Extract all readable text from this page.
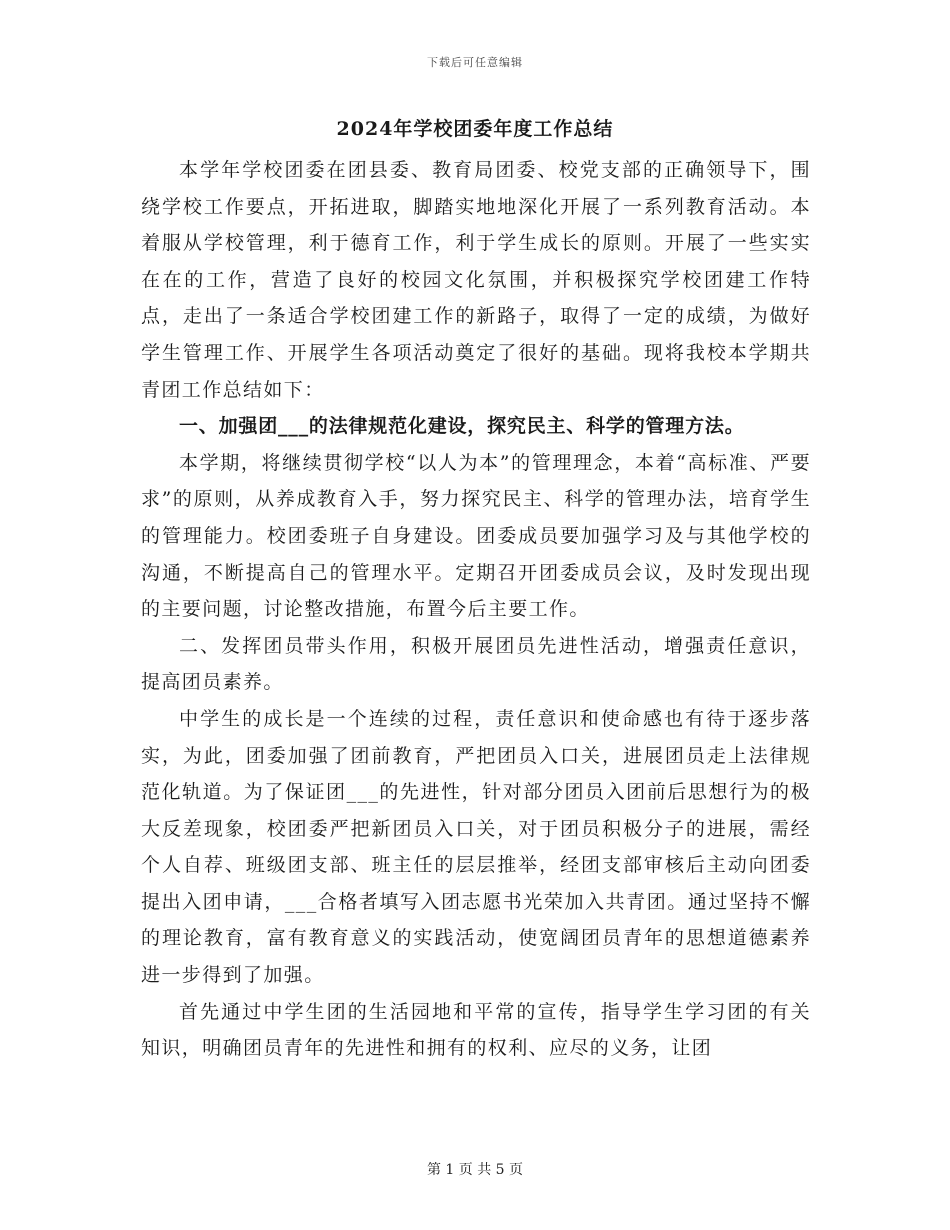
下载后可任意编辑
2024年学校团委年度工作总结

本学年学校团委在团县委、教育局团委、校党支部的正确领导下，围绕学校工作要点，开拓进取，脚踏实地地深化开展了一系列教育活动。本着服从学校管理，利于德育工作，利于学生成长的原则。开展了一些实实在在的工作，营造了良好的校园文化氛围，并积极探究学校团建工作特点，走出了一条适合学校团建工作的新路子，取得了一定的成绩，为做好学生管理工作、开展学生各项活动奠定了很好的基础。现将我校本学期共青团工作总结如下：

一、加强团___的法律规范化建设，探究民主、科学的管理方法。

本学期，将继续贯彻学校“以人为本”的管理理念，本着“高标准、严要求”的原则，从养成教育入手，努力探究民主、科学的管理办法，培育学生的管理能力。校团委班子自身建设。团委成员要加强学习及与其他学校的沟通，不断提高自己的管理水平。定期召开团委成员会议，及时发现出现的主要问题，讨论整改措施，布置今后主要工作。

二、发挥团员带头作用，积极开展团员先进性活动，增强责任意识，提高团员素养。

中学生的成长是一个连续的过程，责任意识和使命感也有待于逐步落实，为此，团委加强了团前教育，严把团员入口关，进展团员走上法律规范化轨道。为了保证团___的先进性，针对部分团员入团前后思想行为的极大反差现象，校团委严把新团员入口关，对于团员积极分子的进展，需经个人自荐、班级团支部、班主任的层层推举，经团支部审核后主动向团委提出入团申请，___合格者填写入团志愿书光荣加入共青团。通过坚持不懈的理论教育，富有教育意义的实践活动，使宽阔团员青年的思想道德素养进一步得到了加强。

首先通过中学生团的生活园地和平常的宣传，指导学生学习团的有关知识，明确团员青年的先进性和拥有的权利、应尽的义务，让团

第 1 页 共 5 页
